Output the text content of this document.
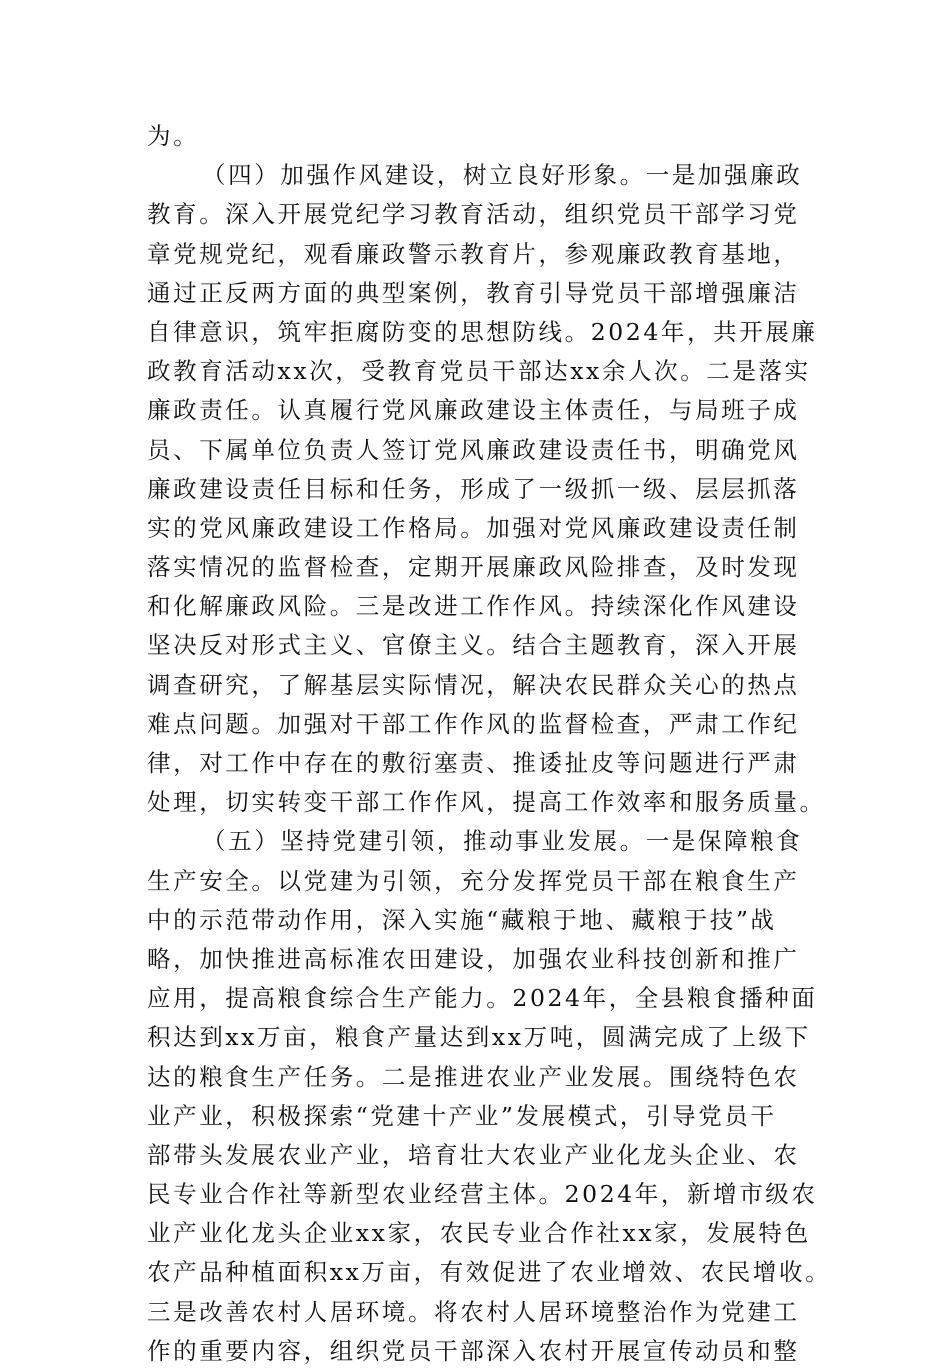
为。
（四）加强作风建设，树立良好形象。一是加强廉政
教育。深入开展党纪学习教育活动，组织党员干部学习党
章党规党纪，观看廉政警示教育片，参观廉政教育基地，
通过正反两方面的典型案例，教育引导党员干部增强廉洁
自律意识，筑牢拒腐防变的思想防线。2024年，共开展廉
政教育活动xx次，受教育党员干部达xx余人次。二是落实
廉政责任。认真履行党风廉政建设主体责任，与局班子成
员、下属单位负责人签订党风廉政建设责任书，明确党风
廉政建设责任目标和任务，形成了一级抓一级、层层抓落
实的党风廉政建设工作格局。加强对党风廉政建设责任制
落实情况的监督检查，定期开展廉政风险排查，及时发现
和化解廉政风险。三是改进工作作风。持续深化作风建设
坚决反对形式主义、官僚主义。结合主题教育，深入开展
调查研究，了解基层实际情况，解决农民群众关心的热点
难点问题。加强对干部工作作风的监督检查，严肃工作纪
律，对工作中存在的敷衍塞责、推诿扯皮等问题进行严肃
处理，切实转变干部工作作风，提高工作效率和服务质量。
（五）坚持党建引领，推动事业发展。一是保障粮食
生产安全。以党建为引领，充分发挥党员干部在粮食生产
中的示范带动作用，深入实施“藏粮于地、藏粮于技”战
略，加快推进高标准农田建设，加强农业科技创新和推广
应用，提高粮食综合生产能力。2024年，全县粮食播种面
积达到xx万亩，粮食产量达到xx万吨，圆满完成了上级下
达的粮食生产任务。二是推进农业产业发展。围绕特色农
业产业，积极探索“党建十产业”发展模式，引导党员干
部带头发展农业产业，培育壮大农业产业化龙头企业、农
民专业合作社等新型农业经营主体。2024年，新增市级农
业产业化龙头企业xx家，农民专业合作社xx家，发展特色
农产品种植面积xx万亩，有效促进了农业增效、农民增收。
三是改善农村人居环境。将农村人居环境整治作为党建工
作的重要内容，组织党员干部深入农村开展宣传动员和整
